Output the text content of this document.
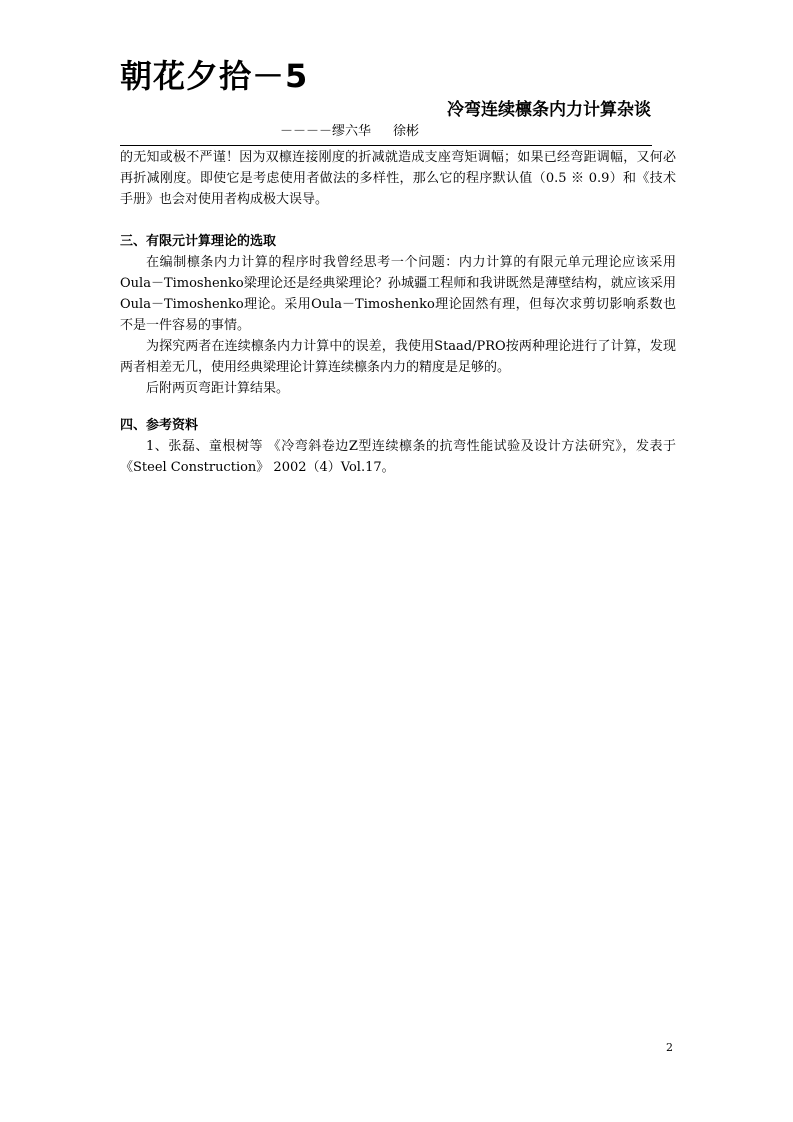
朝花夕拾－5
冷弯连续檩条内力计算杂谈
－－－－缪六华 徐彬

的无知或极不严谨！因为双檩连接刚度的折减就造成支座弯矩调幅；如果已经弯距调幅，又何必再折减刚度。即使它是考虑使用者做法的多样性，那么它的程序默认值（0.5 ※ 0.9）和《技术手册》也会对使用者构成极大误导。

三、有限元计算理论的选取

在编制檩条内力计算的程序时我曾经思考一个问题：内力计算的有限元单元理论应该采用Oula－Timoshenko梁理论还是经典梁理论？孙城疆工程师和我讲既然是薄壁结构，就应该采用Oula－Timoshenko理论。采用Oula－Timoshenko理论固然有理，但每次求剪切影响系数也不是一件容易的事情。

为探究两者在连续檩条内力计算中的误差，我使用Staad/PRO按两种理论进行了计算，发现两者相差无几，使用经典梁理论计算连续檩条内力的精度是足够的。

后附两页弯距计算结果。

四、参考资料

1、张磊、童根树等 《冷弯斜卷边Z型连续檩条的抗弯性能试验及设计方法研究》，发表于《Steel Construction》 2002（4）Vol.17。

2
